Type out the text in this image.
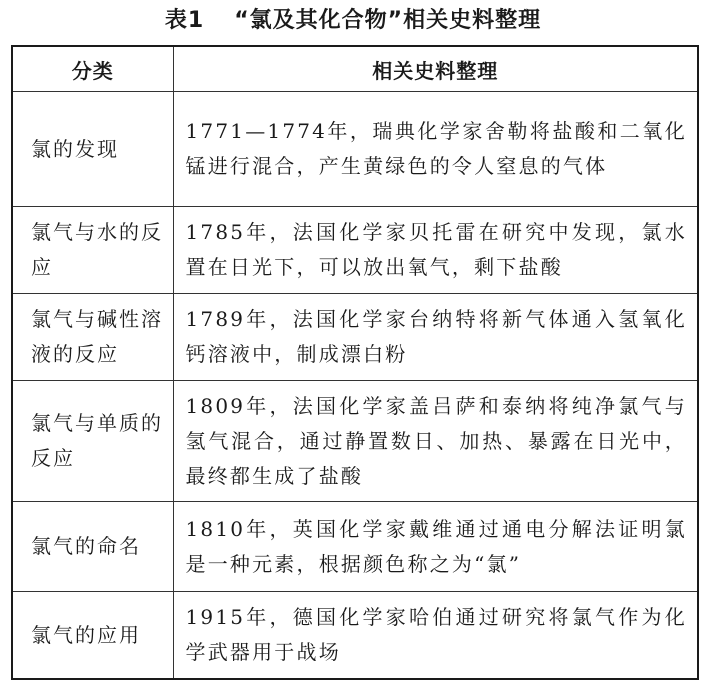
表1 “氯及其化合物”相关史料整理
分类	相关史料整理
氯的发现	1771—1774年，瑞典化学家舍勒将盐酸和二氧化锰进行混合，产生黄绿色的令人窒息的气体
氯气与水的反应	1785年，法国化学家贝托雷在研究中发现，氯水置在日光下，可以放出氧气，剩下盐酸
氯气与碱性溶液的反应	1789年，法国化学家台纳特将新气体通入氢氧化钙溶液中，制成漂白粉
氯气与单质的反应	1809年，法国化学家盖吕萨和泰纳将纯净氯气与氢气混合，通过静置数日、加热、暴露在日光中，最终都生成了盐酸
氯气的命名	1810年，英国化学家戴维通过通电分解法证明氯是一种元素，根据颜色称之为“氯”
氯气的应用	1915年，德国化学家哈伯通过研究将氯气作为化学武器用于战场
